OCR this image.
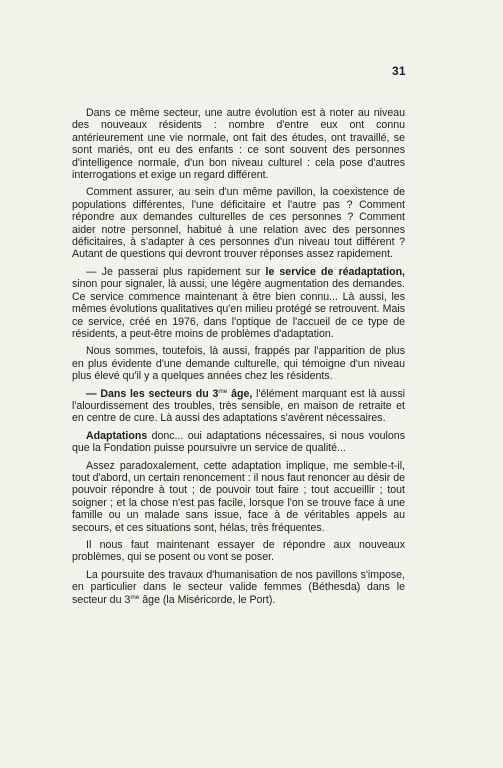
31

Dans ce même secteur, une autre évolution est à noter au niveau des nouveaux résidents : nombre d'entre eux ont connu antérieurement une vie normale, ont fait des études, ont travaillé, se sont mariés, ont eu des enfants : ce sont souvent des personnes d'intelligence normale, d'un bon niveau culturel : cela pose d'autres interrogations et exige un regard différent.

Comment assurer, au sein d'un même pavillon, la coexistence de populations différentes, l'une déficitaire et l'autre pas ? Comment répondre aux demandes culturelles de ces personnes ? Comment aider notre personnel, habitué à une relation avec des personnes déficitaires, à s'adapter à ces personnes d'un niveau tout différent ? Autant de questions qui devront trouver réponses assez rapidement.

— Je passerai plus rapidement sur le service de réadaptation, sinon pour signaler, là aussi, une légère augmentation des demandes. Ce service commence maintenant à être bien connu... Là aussi, les mêmes évolutions qualitatives qu'en milieu protégé se retrouvent. Mais ce service, créé en 1976, dans l'optique de l'accueil de ce type de résidents, a peut-être moins de problèmes d'adaptation.

Nous sommes, toutefois, là aussi, frappés par l'apparition de plus en plus évidente d'une demande culturelle, qui témoigne d'un niveau plus élevé qu'il y a quelques années chez les résidents.

— Dans les secteurs du $3^{me}$ âge, l'élément marquant est là aussi l'alourdissement des troubles, très sensible, en maison de retraite et en centre de cure. Là aussi des adaptations s'avèrent nécessaires.

Adaptations donc... oui adaptations nécessaires, si nous voulons que la Fondation puisse poursuivre un service de qualité...

Assez paradoxalement, cette adaptation implique, me semble-t-il, tout d'abord, un certain renoncement : il nous faut renoncer au désir de pouvoir répondre à tout ; de pouvoir tout faire ; tout accueillir ; tout soigner ; et la chose n'est pas facile, lorsque l'on se trouve face à une famille ou un malade sans issue, face à de véritables appels au secours, et ces situations sont, hélas, très fréquentes.

Il nous faut maintenant essayer de répondre aux nouveaux problèmes, qui se posent ou vont se poser.

La poursuite des travaux d'humanisation de nos pavillons s'impose, en particulier dans le secteur valide femmes (Béthesda) dans le secteur du $3^{me}$ âge (la Miséricorde, le Port).
